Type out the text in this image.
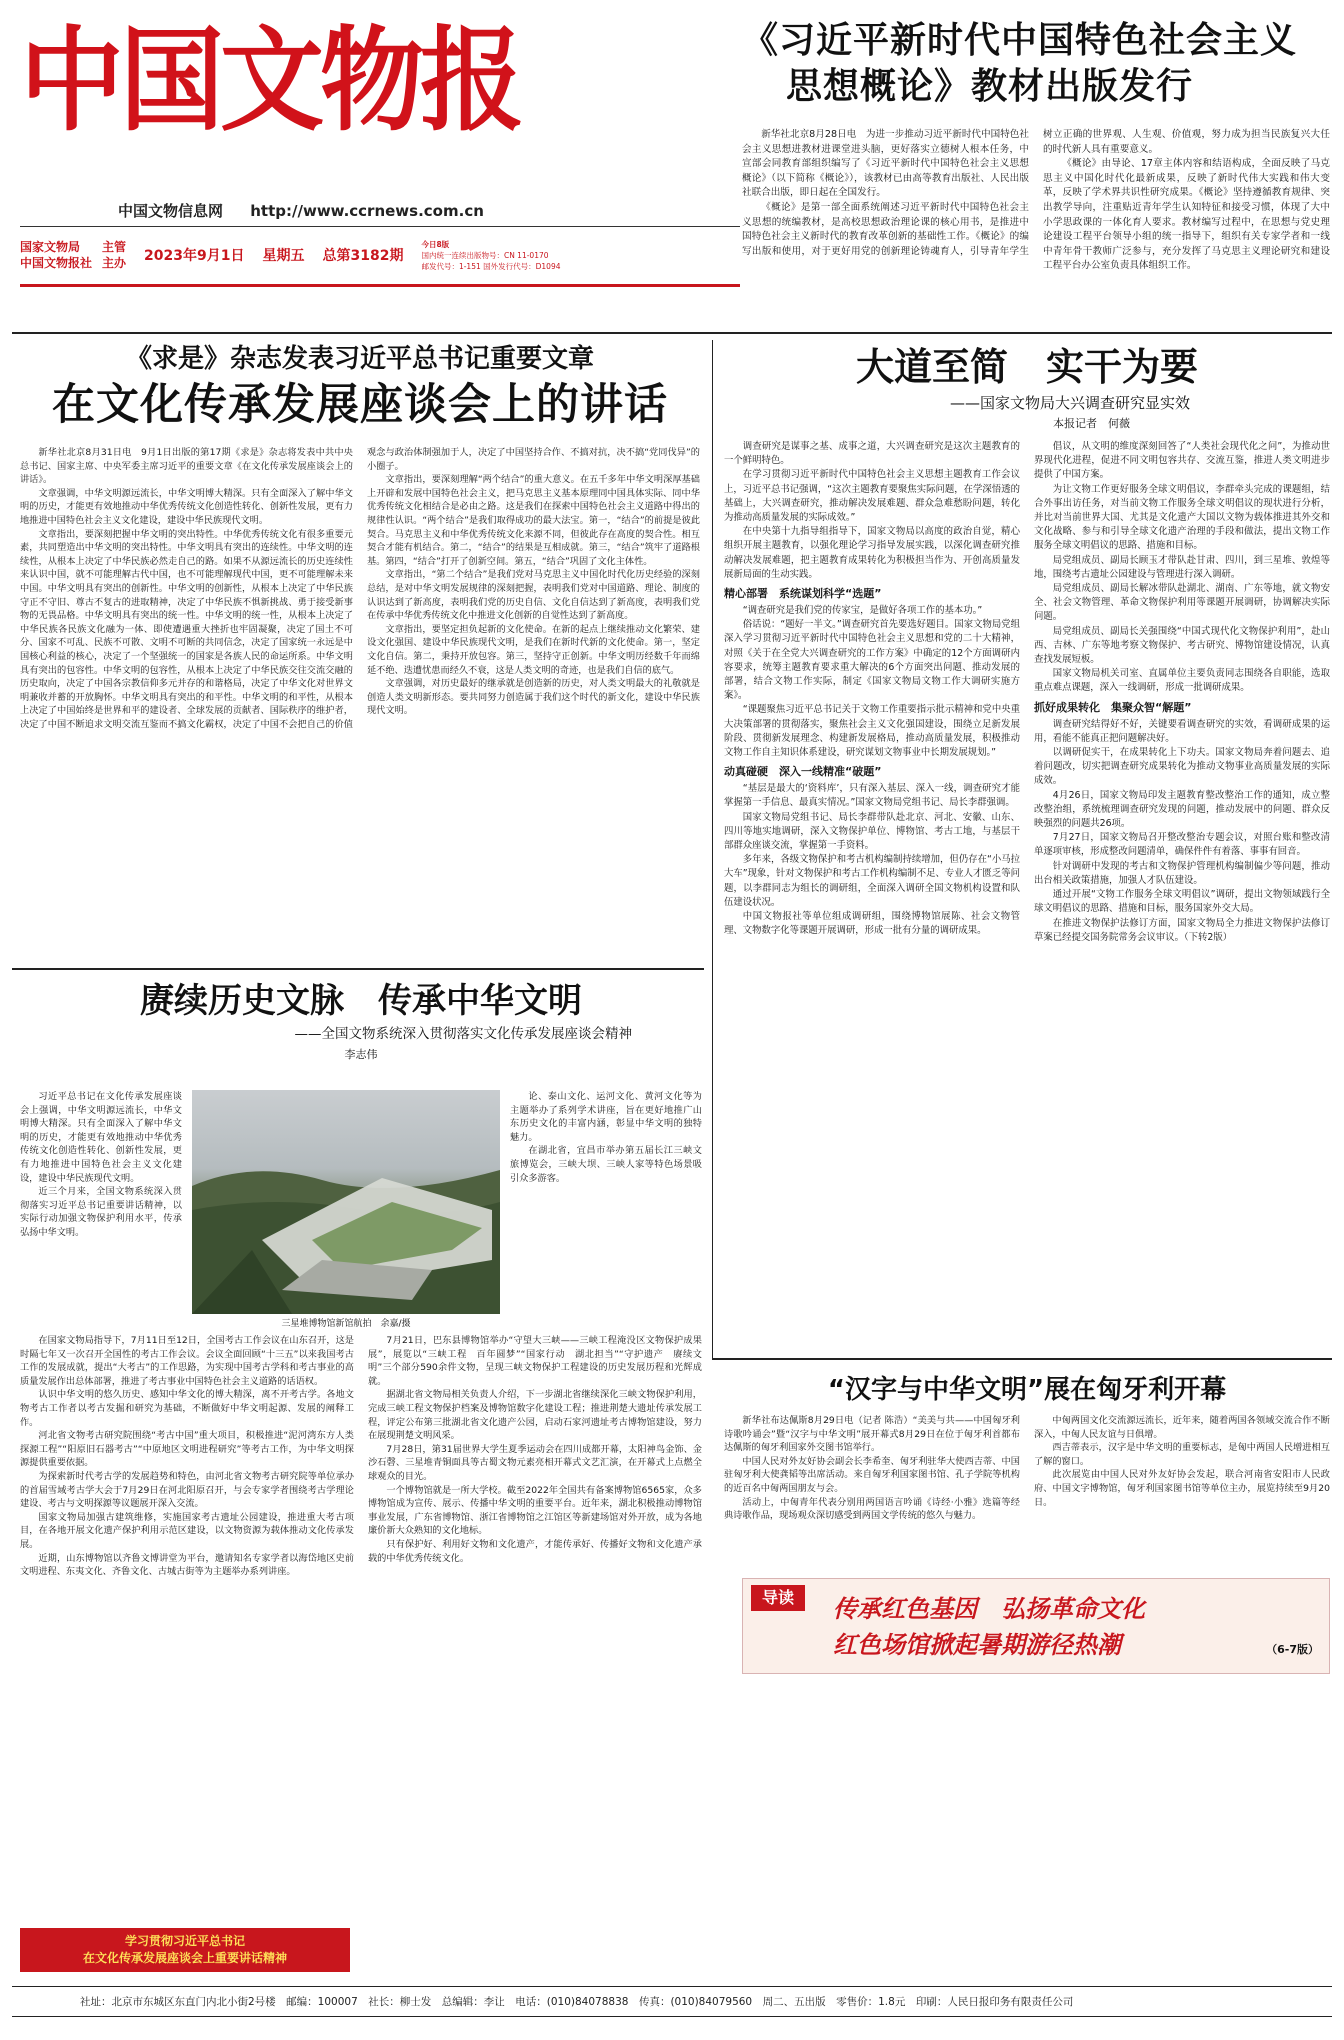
中国文物报
中国文物信息网 http://www.ccrnews.com.cn
国家文物局
中国文物报社
主管
主办 2023年9月1日 星期五 总第3182期
今日8版
国内统一连续出版物号：CN 11-0170
邮发代号：1-151 国外发行代号：D1094
《习近平新时代中国特色社会主义
思想概论》教材出版发行

新华社北京8月28日电　为进一步推动习近平新时代中国特色社会主义思想进教材进课堂进头脑，更好落实立德树人根本任务，中宣部会同教育部组织编写了《习近平新时代中国特色社会主义思想概论》（以下简称《概论》），该教材已由高等教育出版社、人民出版社联合出版，即日起在全国发行。

《概论》是第一部全面系统阐述习近平新时代中国特色社会主义思想的统编教材，是高校思想政治理论课的核心用书，是推进中国特色社会主义新时代的教育改革创新的基础性工作。《概论》的编写出版和使用，对于更好用党的创新理论铸魂育人，引导青年学生树立正确的世界观、人生观、价值观，努力成为担当民族复兴大任的时代新人具有重要意义。

《概论》由导论、17章主体内容和结语构成，全面反映了马克思主义中国化时代化最新成果，反映了新时代伟大实践和伟大变革，反映了学术界共识性研究成果。《概论》坚持遵循教育规律、突出教学导向，注重贴近青年学生认知特征和接受习惯，体现了大中小学思政课的一体化育人要求。教材编写过程中，在思想与党史理论建设工程平台领导小组的统一指导下，组织有关专家学者和一线中青年骨干教师广泛参与，充分发挥了马克思主义理论研究和建设工程平台办公室负责具体组织工作。

《求是》杂志发表习近平总书记重要文章
在文化传承发展座谈会上的讲话

新华社北京8月31日电　9月1日出版的第17期《求是》杂志将发表中共中央总书记、国家主席、中央军委主席习近平的重要文章《在文化传承发展座谈会上的讲话》。

文章强调，中华文明源远流长，中华文明博大精深。只有全面深入了解中华文明的历史，才能更有效地推动中华优秀传统文化创造性转化、创新性发展，更有力地推进中国特色社会主义文化建设，建设中华民族现代文明。

文章指出，要深刻把握中华文明的突出特性。中华优秀传统文化有很多重要元素，共同塑造出中华文明的突出特性。中华文明具有突出的连续性。中华文明的连续性，从根本上决定了中华民族必然走自己的路。如果不从源远流长的历史连续性来认识中国，就不可能理解古代中国，也不可能理解现代中国，更不可能理解未来中国。中华文明具有突出的创新性。中华文明的创新性，从根本上决定了中华民族守正不守旧、尊古不复古的进取精神，决定了中华民族不惧新挑战、勇于接受新事物的无畏品格。中华文明具有突出的统一性。中华文明的统一性，从根本上决定了中华民族各民族文化融为一体、即使遭遇重大挫折也牢固凝聚，决定了国土不可分、国家不可乱、民族不可散、文明不可断的共同信念，决定了国家统一永远是中国核心利益的核心，决定了一个坚强统一的国家是各族人民的命运所系。中华文明具有突出的包容性。中华文明的包容性，从根本上决定了中华民族交往交流交融的历史取向，决定了中国各宗教信仰多元并存的和谐格局，决定了中华文化对世界文明兼收并蓄的开放胸怀。中华文明具有突出的和平性。中华文明的和平性，从根本上决定了中国始终是世界和平的建设者、全球发展的贡献者、国际秩序的维护者，决定了中国不断追求文明交流互鉴而不搞文化霸权，决定了中国不会把自己的价值观念与政治体制强加于人，决定了中国坚持合作、不搞对抗，决不搞“党同伐异”的小圈子。

文章指出，要深刻理解“两个结合”的重大意义。在五千多年中华文明深厚基础上开辟和发展中国特色社会主义，把马克思主义基本原理同中国具体实际、同中华优秀传统文化相结合是必由之路。这是我们在探索中国特色社会主义道路中得出的规律性认识。“两个结合”是我们取得成功的最大法宝。第一，“结合”的前提是彼此契合。马克思主义和中华优秀传统文化来源不同，但彼此存在高度的契合性。相互契合才能有机结合。第二，“结合”的结果是互相成就。第三，“结合”筑牢了道路根基。第四，“结合”打开了创新空间。第五，“结合”巩固了文化主体性。

文章指出，“第二个结合”是我们党对马克思主义中国化时代化历史经验的深刻总结，是对中华文明发展规律的深刻把握，表明我们党对中国道路、理论、制度的认识达到了新高度，表明我们党的历史自信、文化自信达到了新高度，表明我们党在传承中华优秀传统文化中推进文化创新的自觉性达到了新高度。

文章指出，要坚定担负起新的文化使命。在新的起点上继续推动文化繁荣、建设文化强国、建设中华民族现代文明，是我们在新时代新的文化使命。第一，坚定文化自信。第二，秉持开放包容。第三，坚持守正创新。中华文明历经数千年而绵延不绝、迭遭忧患而经久不衰，这是人类文明的奇迹，也是我们自信的底气。

文章强调，对历史最好的继承就是创造新的历史，对人类文明最大的礼敬就是创造人类文明新形态。要共同努力创造属于我们这个时代的新文化，建设中华民族现代文明。

大道至简　实干为要
——国家文物局大兴调查研究显实效
本报记者　何薇

调查研究是谋事之基、成事之道，大兴调查研究是这次主题教育的一个鲜明特色。

在学习贯彻习近平新时代中国特色社会主义思想主题教育工作会议上，习近平总书记强调，“这次主题教育要聚焦实际问题，在学深悟透的基础上，大兴调查研究，推动解决发展难题、群众急难愁盼问题，转化为推动高质量发展的实际成效。”

在中央第十九指导组指导下，国家文物局以高度的政治自觉，精心组织开展主题教育，以强化理论学习指导发展实践，以深化调查研究推动解决发展难题，把主题教育成果转化为积极担当作为、开创高质量发展新局面的生动实践。

精心部署　系统谋划科学“选题”

“调查研究是我们党的传家宝，是做好各项工作的基本功。”

俗话说：“题好一半文。”调查研究首先要选好题目。国家文物局党组深入学习贯彻习近平新时代中国特色社会主义思想和党的二十大精神，对照《关于在全党大兴调查研究的工作方案》中确定的12个方面调研内容要求，统筹主题教育要求重大解决的6个方面突出问题、推动发展的部署，结合文物工作实际，制定《国家文物局文物工作大调研实施方案》。

“课题聚焦习近平总书记关于文物工作重要指示批示精神和党中央重大决策部署的贯彻落实，聚焦社会主义文化强国建设，围绕立足新发展阶段、贯彻新发展理念、构建新发展格局，推动高质量发展，积极推动文物工作自主知识体系建设，研究谋划文物事业中长期发展规划。”

动真碰硬　深入一线精准“破题”

“基层是最大的‘资料库’，只有深入基层、深入一线，调查研究才能掌握第一手信息、最真实情况。”国家文物局党组书记、局长李群强调。

国家文物局党组书记、局长李群带队赴北京、河北、安徽、山东、四川等地实地调研，深入文物保护单位、博物馆、考古工地，与基层干部群众座谈交流，掌握第一手资料。

多年来，各级文物保护和考古机构编制持续增加，但仍存在“小马拉大车”现象，针对文物保护和考古工作机构编制不足、专业人才匮乏等问题，以李群同志为组长的调研组，全面深入调研全国文物机构设置和队伍建设状况。

中国文物报社等单位组成调研组，围绕博物馆展陈、社会文物管理、文物数字化等课题开展调研，形成一批有分量的调研成果。

倡议，从文明的维度深刻回答了“人类社会现代化之问”，为推动世界现代化进程，促进不同文明包容共存、交流互鉴，推进人类文明进步提供了中国方案。

为让文物工作更好服务全球文明倡议，李群牵头完成的课题组，结合外事出访任务，对当前文物工作服务全球文明倡议的现状进行分析，并比对当前世界大国、尤其是文化遗产大国以文物为载体推进其外交和文化战略、参与和引导全球文化遗产治理的手段和做法，提出文物工作服务全球文明倡议的思路、措施和目标。

局党组成员、副局长顾玉才带队赴甘肃、四川，到三星堆、敦煌等地，围绕考古遗址公园建设与管理进行深入调研。

局党组成员、副局长解冰带队赴湖北、湖南、广东等地，就文物安全、社会文物管理、革命文物保护利用等课题开展调研，协调解决实际问题。

局党组成员、副局长关强围绕“中国式现代化文物保护利用”，赴山西、吉林、广东等地考察文物保护、考古研究、博物馆建设情况，认真查找发展短板。

国家文物局机关司室、直属单位主要负责同志围绕各自职能，选取重点难点课题，深入一线调研，形成一批调研成果。

抓好成果转化　集聚众智“解题”

调查研究结得好不好，关键要看调查研究的实效，看调研成果的运用，看能不能真正把问题解决好。

以调研促实干，在成果转化上下功夫。国家文物局奔着问题去、追着问题改，切实把调查研究成果转化为推动文物事业高质量发展的实际成效。

4月26日，国家文物局印发主题教育整改整治工作的通知，成立整改整治组，系统梳理调查研究发现的问题，推动发展中的问题、群众反映强烈的问题共26项。

7月27日，国家文物局召开整改整治专题会议，对照台账和整改清单逐项审核，形成整改问题清单，确保件件有着落、事事有回音。

针对调研中发现的考古和文物保护管理机构编制偏少等问题，推动出台相关政策措施，加强人才队伍建设。

通过开展“文物工作服务全球文明倡议”调研，提出文物领域践行全球文明倡议的思路、措施和目标，服务国家外交大局。

在推进文物保护法修订方面，国家文物局全力推进文物保护法修订草案已经提交国务院常务会议审议。（下转2版）

赓续历史文脉　传承中华文明
——全国文物系统深入贯彻落实文化传承发展座谈会精神
李志伟
三星堆博物馆新馆航拍　余嘉/摄

习近平总书记在文化传承发展座谈会上强调，中华文明源远流长，中华文明博大精深。只有全面深入了解中华文明的历史，才能更有效地推动中华优秀传统文化创造性转化、创新性发展，更有力地推进中国特色社会主义文化建设，建设中华民族现代文明。

近三个月来，全国文物系统深入贯彻落实习近平总书记重要讲话精神，以实际行动加强文物保护利用水平，传承弘扬中华文明。

论、泰山文化、运河文化、黄河文化等为主题举办了系列学术讲座，旨在更好地推广山东历史文化的丰富内涵，彰显中华文明的独特魅力。

在湖北省，宜昌市举办第五届长江三峡文旅博览会，三峡大坝、三峡人家等特色场景吸引众多游客。

在国家文物局指导下，7月11日至12日，全国考古工作会议在山东召开，这是时隔七年又一次召开全国性的考古工作会议。会议全面回顾“十三五”以来我国考古工作的发展成就，提出“大考古”的工作思路，为实现中国考古学科和考古事业的高质量发展作出总体部署，推进了考古事业中国特色社会主义道路的话语权。

认识中华文明的悠久历史、感知中华文化的博大精深，离不开考古学。各地文物考古工作者以考古发掘和研究为基础，不断做好中华文明起源、发展的阐释工作。

河北省文物考古研究院围绕“考古中国”重大项目，积极推进“泥河湾东方人类探源工程”“阳原旧石器考古”“中原地区文明进程研究”等考古工作，为中华文明探源提供重要依据。

为探索新时代考古学的发展趋势和特色，由河北省文物考古研究院等单位承办的首届雪域考古学大会于7月29日在河北阳原召开，与会专家学者围绕考古学理论建设、考古与文明探源等议题展开深入交流。

国家文物局加强古建筑维修，实施国家考古遗址公园建设，推进重大考古项目，在各地开展文化遗产保护利用示范区建设，以文物资源为载体推动文化传承发展。

近期，山东博物馆以齐鲁文博讲堂为平台，邀请知名专家学者以海岱地区史前文明进程、东夷文化、齐鲁文化、古城古街等为主题举办系列讲座。

7月21日，巴东县博物馆举办“守望大三峡——三峡工程淹没区文物保护成果展”，展览以“三峡工程　百年圆梦”“国家行动　湖北担当”“守护遗产　赓续文明”三个部分590余件文物，呈现三峡文物保护工程建设的历史发展历程和光辉成就。

据湖北省文物局相关负责人介绍，下一步湖北省继续深化三峡文物保护利用，完成三峡工程文物保护档案及博物馆数字化建设工程；推进荆楚大遗址传承发展工程，评定公布第三批湖北省文化遗产公园，启动石家河遗址考古博物馆建设，努力在展现荆楚文明风采。

7月28日，第31届世界大学生夏季运动会在四川成都开幕，太阳神鸟金饰、金沙石磬、三星堆青铜面具等古蜀文物元素亮相开幕式文艺汇演，在开幕式上点燃全球观众的目光。

一个博物馆就是一所大学校。截至2022年全国共有备案博物馆6565家，众多博物馆成为宣传、展示、传播中华文明的重要平台。近年来，湖北积极推动博物馆事业发展，广东省博物馆、浙江省博物馆之江馆区等新建场馆对外开放，成为各地廉价新大众熟知的文化地标。

只有保护好、利用好文物和文化遗产，才能传承好、传播好文物和文化遗产承载的中华优秀传统文化。

学习贯彻习近平总书记
在文化传承发展座谈会上重要讲话精神
“汉字与中华文明”展在匈牙利开幕

新华社布达佩斯8月29日电（记者 陈浩）“美美与共——中国匈牙利诗歌吟诵会”暨“汉字与中华文明”展开幕式8月29日在位于匈牙利首都布达佩斯的匈牙利国家外交图书馆举行。

中国人民对外友好协会副会长李希奎、匈牙利驻华大使西吉蒂、中国驻匈牙利大使龚韬等出席活动。来自匈牙利国家图书馆、孔子学院等机构的近百名中匈两国朋友与会。

活动上，中匈青年代表分别用两国语言吟诵《诗经·小雅》选篇等经典诗歌作品，现场观众深切感受到两国文学传统的悠久与魅力。

中匈两国文化交流源远流长，近年来，随着两国各领域交流合作不断深入，中匈人民友谊与日俱增。

西吉蒂表示，汉字是中华文明的重要标志，是匈中两国人民增进相互了解的窗口。

此次展览由中国人民对外友好协会发起，联合河南省安阳市人民政府、中国文字博物馆，匈牙利国家图书馆等单位主办，展览持续至9月20日。

导读	传承红色基因　弘扬革命文化
红色场馆掀起暑期游径热潮	（6-7版）
社址：北京市东城区东直门内北小街2号楼　邮编：100007　社长：柳士发　总编辑：李让　电话：(010)84078838　传真：(010)84079560　周二、五出版　零售价：1.8元　印刷：人民日报印务有限责任公司
